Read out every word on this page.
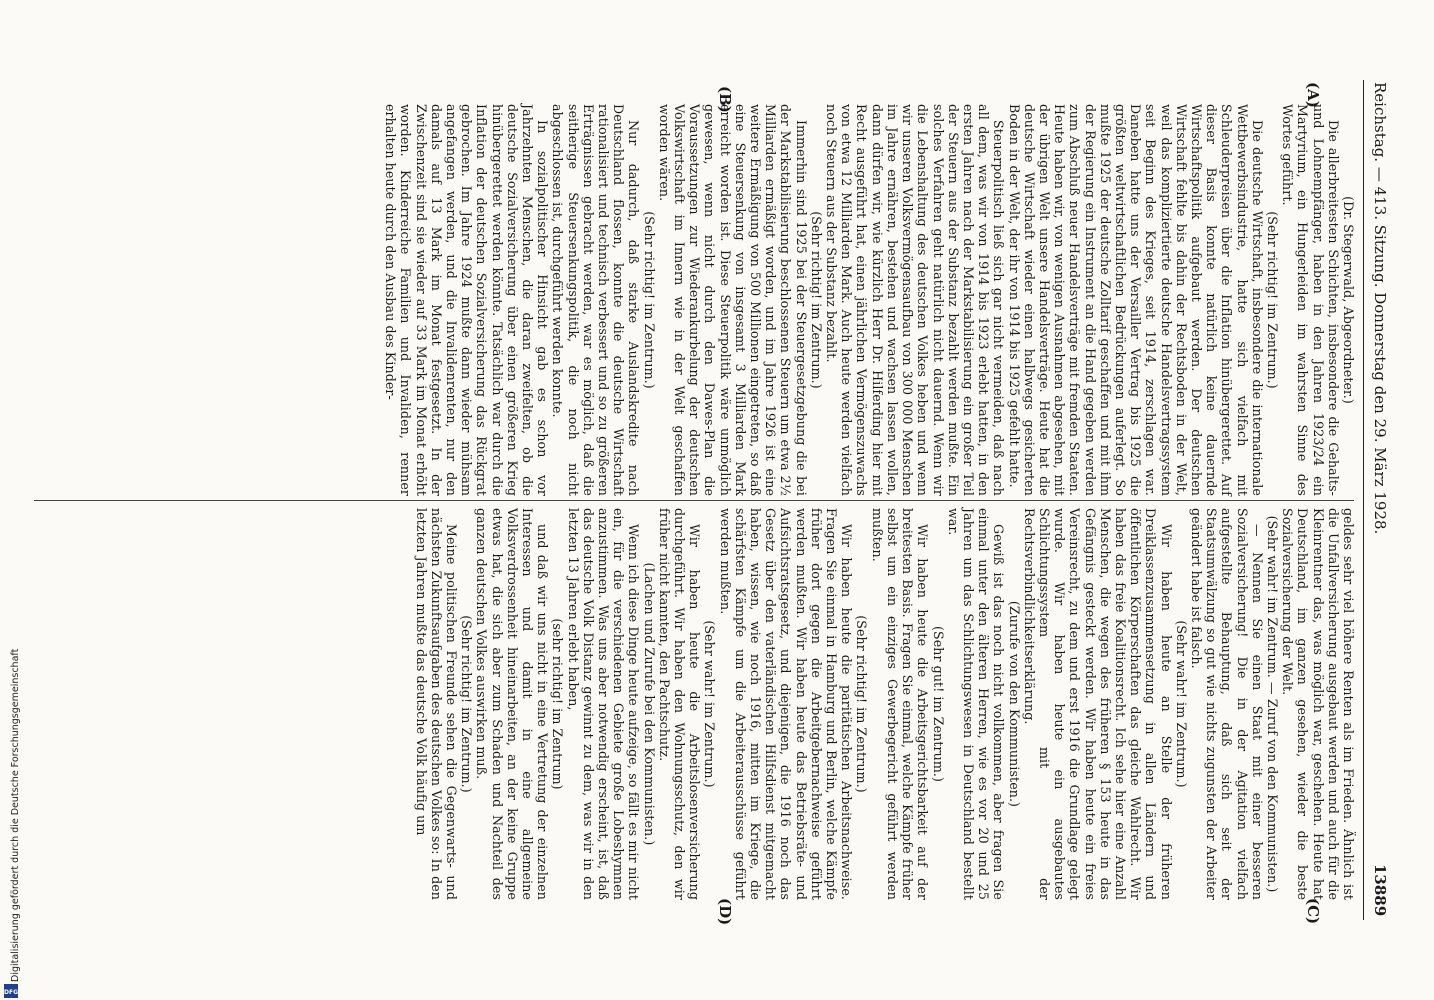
Reichstag. — 413. Sitzung. Donnerstag den 29. März 1928.
13889
(A)
(B)
(C)
(D)

(Dr. Stegerwald, Abgeordneter.)

Die allerbreitesten Schichten, insbesondere die Gehalts- und Lohnempfänger, haben in den Jahren 1923/24 ein Martyrium, ein Hungerleiden im wahrsten Sinne des Wortes geführt.

(Sehr richtig! im Zentrum.)

Die deutsche Wirtschaft, insbesondere die internationale Wettbewerbsindustrie, hatte sich vielfach mit Schleuderpreisen über die Inflation hinübergerettet. Auf dieser Basis konnte natürlich keine dauernde Wirtschaftspolitik aufgebaut werden. Der deutschen Wirtschaft fehlte bis dahin der Rechtsboden in der Welt, weil das kompliziertierte deutsche Handelsvertragssystem seit Beginn des Krieges, seit 1914, zerschlagen war. Daneben hatte uns der Versailler Vertrag bis 1925 die größten weltwirtschaftlichen Bedrückungen auferlegt. So mußte 1925 der deutsche Zolltarif geschaffen und mit ihm der Regierung ein Instrument an die Hand gegeben werden zum Abschluß neuer Handelsverträge mit fremden Staaten. Heute haben wir, von wenigen Ausnahmen abgesehen, mit der übrigen Welt unsere Handelsverträge. Heute hat die deutsche Wirtschaft wieder einen halbwegs gesicherten Boden in der Welt, der ihr von 1914 bis 1925 gefehlt hatte.

Steuerpolitisch ließ sich gar nicht vermeiden, daß nach all dem, was wir von 1914 bis 1923 erlebt hatten, in den ersten Jahren nach der Markstabilisierung ein großer Teil der Steuern aus der Substanz bezahlt werden mußte. Ein solches Verfahren geht natürlich nicht dauernd. Wenn wir die Lebenshaltung des deutschen Volkes heben und wenn wir unseren Volksvermögensaufbau von 300 000 Menschen im Jahre ernähren, bestehen und wachsen lassen wollen, dann dürfen wir, wie kürzlich Herr Dr. Hilferding hier mit Recht ausgeführt hat, einen jährlichen Vermögenszuwachs von etwa 12 Milliarden Mark. Auch heute werden vielfach noch Steuern aus der Substanz bezahlt.

(Sehr richtig! im Zentrum.)

Immerhin sind 1925 bei der Steuergesetzgebung die bei der Markstabilisierung beschlossenen Steuern um etwa 2½ Milliarden ermäßigt worden, und im Jahre 1926 ist eine weitere Ermäßigung von 500 Millionen eingetreten, so daß eine Steuersenkung von insgesamt 3 Milliarden Mark erreicht worden ist. Diese Steuerpolitik wäre unmöglich gewesen, wenn nicht durch den Dawes-Plan die Voraussetzungen zur Wiederankurbelung der deutschen Volkswirtschaft im Innern wie in der Welt geschaffen worden wären.

(Sehr richtig! im Zentrum.)

Nur dadurch, daß starke Auslandskredite nach Deutschland flossen, konnte die deutsche Wirtschaft rationalisiert und technisch verbessert und so zu größeren Erträgnissen gebracht werden, war es möglich, daß die seitherige Steuersenkungspolitik, die noch nicht abgeschlossen ist, durchgeführt werden konnte.

In sozialpolitischer Hinsicht gab es schon vor Jahrzehnten Menschen, die daran zweifelten, ob die deutsche Sozialversicherung über einen größeren Krieg hinübergerettet werden könnte. Tatsächlich war durch die Inflation der deutschen Sozialversicherung das Rückgrat gebrochen. Im Jahre 1924 mußte dann wieder mühsam angefangen werden, und die Invalidenrenten, nur den damals auf 13 Mark im Monat festgesetzt. In der Zwischenzeit sind sie wieder auf 33 Mark im Monat erhöht worden. Kinderreiche Familien und Invaliden, renner erhalten heute durch den Ausbau des Kinder-

geldes sehr viel höhere Renten als im Frieden. Ähnlich ist die Unfallversicherung ausgebaut werden und auch für die Kleinrentner das, was möglich war, geschehen. Heute hat Deutschland, im ganzen gesehen, wieder die beste Sozialversicherung der Welt.

(Sehr wahr! im Zentrum. — Zuruf von den Kommunisten.)

— Nennen Sie einen Staat mit einer besseren Sozialversicherung! Die in der Agitation vielfach aufgestellte Behauptung, daß sich seit der Staatsumwälzung so gut wie nichts zugunsten der Arbeiter geändert habe ist falsch.

(Sehr wahr! im Zentrum.)

Wir haben heute an Stelle der früheren Dreiklassenzusammensetzung in allen Ländern und öffentlichen Körperschaften das gleiche Wahlrecht. Wir haben das freie Koalitionsrecht. Ich sehe hier eine Anzahl Menschen, die wegen des früheren § 153 heute in das Gefängnis gesteckt werden. Wir haben heute ein freies Vereinsrecht, zu dem und erst 1916 die Grundlage gelegt wurde. Wir haben heute ein ausgebautes Schlichtungssystem mit der Rechtsverbindlichkeitserklärung.

(Zurufe von den Kommunisten.)

Gewiß ist das noch nicht vollkommen, aber fragen Sie einmal unter den älteren Herren, wie es vor 20 und 25 Jahren um das Schlichtungswesen in Deutschland bestellt war.

(Sehr gut! im Zentrum.)

Wir haben heute die Arbeitsgerichtsbarkeit auf der breitesten Basis. Fragen Sie einmal, welche Kämpfe früher selbst um ein einziges Gewerbegericht geführt werden mußten.

(Sehr richtig! im Zentrum.)

Wir haben heute die paritätischen Arbeitsnachweise. Fragen Sie einmal in Hamburg und Berlin, welche Kämpfe früher dort gegen die Arbeitgebernachweise geführt werden mußten. Wir haben heute das Betriebsräte- und Aufsichtsratsgesetz, und diejenigen, die 1916 noch das Gesetz über den vaterländischen Hilfsdienst mitgemacht haben, wissen, wie noch 1916, mitten im Kriege, die schärfsten Kämpfe um die Arbeiterausschüsse geführt werden mußten.

(Sehr wahr! im Zentrum.)

Wir haben heute die Arbeitslosenversicherung durchgeführt. Wir haben den Wohnungsschutz, den wir früher nicht kannten, den Pachtschutz.

(Lachen und Zurufe bei den Kommunisten.)

Wenn ich diese Dinge heute aufzeige, so fällt es mir nicht ein, für die verschiedenen Gebiete große Lobeshymnen anzustimmen. Was uns aber notwendig erscheint, ist, daß das deutsche Volk Distanz gewinnt zu dem, was wir in den letzten 13 Jahren erlebt haben,

(sehr richtig! im Zentrum)

und daß wir uns nicht in eine Vertretung der einzelnen Interessen und damit in eine allgemeine Volksverdrossenheit hineinarbeiten, an der keine Gruppe etwas hat, die sich aber zum Schaden und Nachteil des ganzen deutschen Volkes auswirken muß.

(Sehr richtig! im Zentrum.)

Meine politischen Freunde sehen die Gegenwarts- und nächsten Zukunftsaufgaben des deutschen Volkes so: In den letzten Jahren mußte das deutsche Volk häufig um

Digitalisierung gefördert durch die Deutsche Forschungsgemeinschaft
DFG
